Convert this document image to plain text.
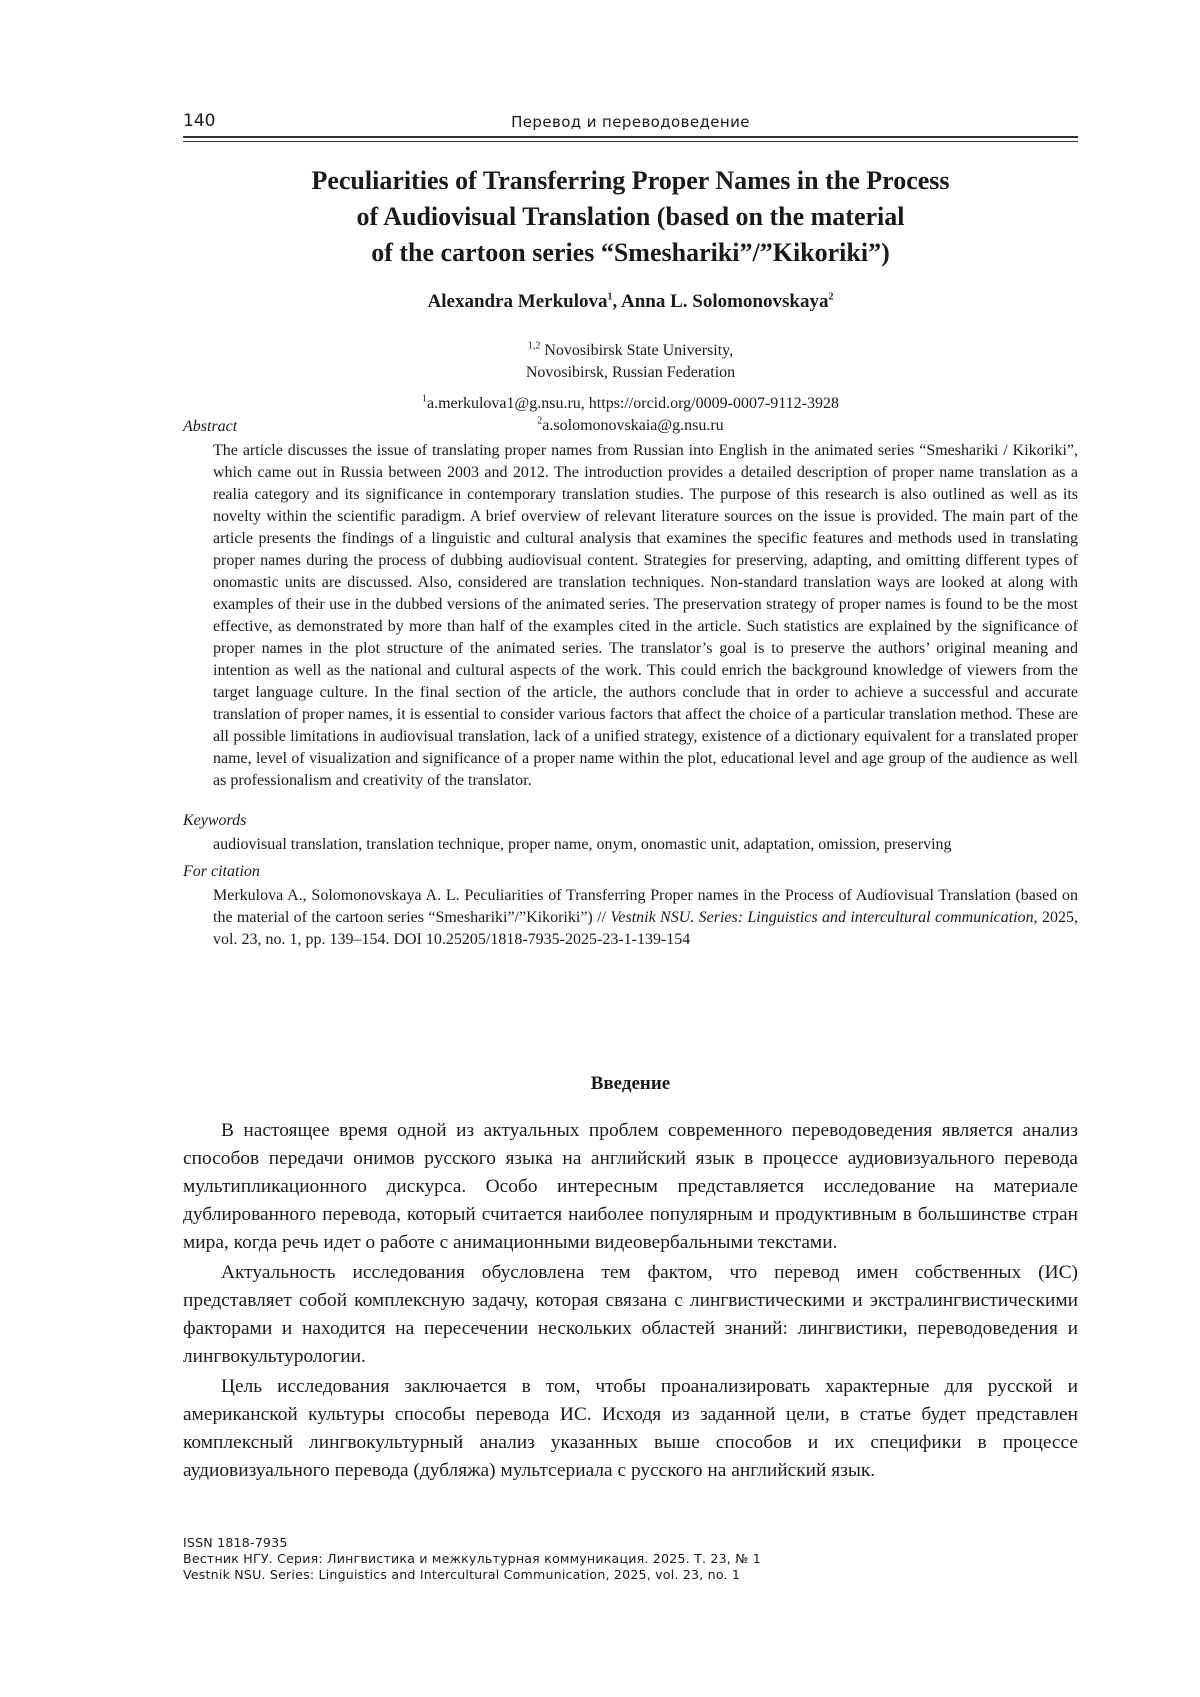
140	Перевод и переводоведение
Peculiarities of Transferring Proper Names in the Process
of Audiovisual Translation (based on the material
of the cartoon series “Smeshariki”/”Kikoriki”)
Alexandra Merkulova$^1$, Anna L. Solomonovskaya$^2$
$^{1,2}$ Novosibirsk State University,
Novosibirsk, Russian Federation
$^1$a.merkulova1@g.nsu.ru, https://orcid.org/0009-0007-9112-3928
$^2$a.solomonovskaia@g.nsu.ru
Abstract
The article discusses the issue of translating proper names from Russian into English in the animated series “Smeshariki / Kikoriki”, which came out in Russia between 2003 and 2012. The introduction provides a detailed description of proper name translation as a realia category and its significance in contemporary translation studies. The purpose of this research is also outlined as well as its novelty within the scientific paradigm. A brief overview of relevant literature sources on the issue is provided. The main part of the article presents the findings of a linguistic and cultural analysis that examines the specific features and methods used in translating proper names during the process of dubbing audiovisual content. Strategies for preserving, adapting, and omitting different types of onomastic units are discussed. Also, considered are translation techniques. Non-standard translation ways are looked at along with examples of their use in the dubbed versions of the animated series. The preservation strategy of proper names is found to be the most effective, as demonstrated by more than half of the examples cited in the article. Such statistics are explained by the significance of proper names in the plot structure of the animated series. The translator’s goal is to preserve the authors’ original meaning and intention as well as the national and cultural aspects of the work. This could enrich the background knowledge of viewers from the target language culture. In the final section of the article, the authors conclude that in order to achieve a successful and accurate translation of proper names, it is essential to consider various factors that affect the choice of a particular translation method. These are all possible limitations in audiovisual translation, lack of a unified strategy, existence of a dictionary equivalent for a translated proper name, level of visualization and significance of a proper name within the plot, educational level and age group of the audience as well as professionalism and creativity of the translator.
Keywords
audiovisual translation, translation technique, proper name, onym, onomastic unit, adaptation, omission, preserving
For citation
Merkulova A., Solomonovskaya A. L. Peculiarities of Transferring Proper names in the Process of Audiovisual Translation (based on the material of the cartoon series “Smeshariki”/”Kikoriki”) // Vestnik NSU. Series: Linguistics and intercultural communication, 2025, vol. 23, no. 1, pp. 139–154. DOI 10.25205/1818-7935-2025-23-1-139-154
Введение

В настоящее время одной из актуальных проблем современного переводоведения является анализ способов передачи онимов русского языка на английский язык в процессе аудиовизуального перевода мультипликационного дискурса. Особо интересным представляется исследование на материале дублированного перевода, который считается наиболее популярным и продуктивным в большинстве стран мира, когда речь идет о работе с анимационными видеовербальными текстами.

Актуальность исследования обусловлена тем фактом, что перевод имен собственных (ИС) представляет собой комплексную задачу, которая связана с лингвистическими и экстралингвистическими факторами и находится на пересечении нескольких областей знаний: лингвистики, переводоведения и лингвокультурологии.

Цель исследования заключается в том, чтобы проанализировать характерные для русской и американской культуры способы перевода ИС. Исходя из заданной цели, в статье будет представлен комплексный лингвокультурный анализ указанных выше способов и их специфики в процессе аудиовизуального перевода (дубляжа) мультсериала с русского на английский язык.

ISSN 1818-7935
Вестник НГУ. Серия: Лингвистика и межкультурная коммуникация. 2025. Т. 23, № 1
Vestnik NSU. Series: Linguistics and Intercultural Communication, 2025, vol. 23, no. 1
